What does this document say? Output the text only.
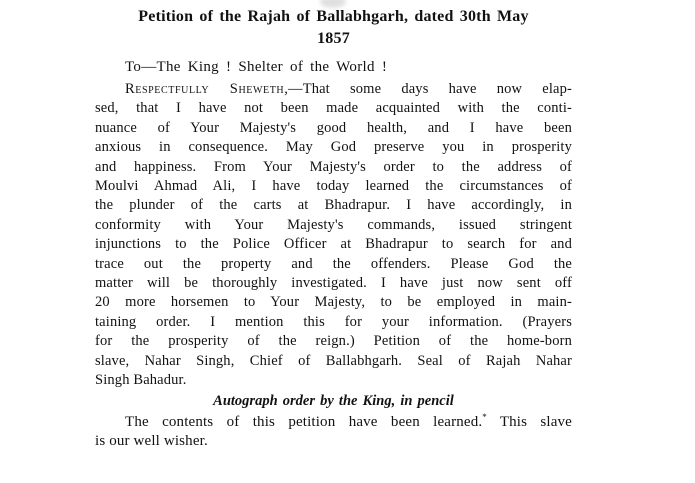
Petition of the Rajah of Ballabhgarh, dated 30th May
1857
To—The King ! Shelter of the World !
Respectfully Sheweth,—That some days have now elap-
sed, that I have not been made acquainted with the conti-
nuance of Your Majesty's good health, and I have been
anxious in consequence. May God preserve you in prosperity
and happiness. From Your Majesty's order to the address of
Moulvi Ahmad Ali, I have today learned the circumstances of
the plunder of the carts at Bhadrapur. I have accordingly, in
conformity with Your Majesty's commands, issued stringent
injunctions to the Police Officer at Bhadrapur to search for and
trace out the property and the offenders. Please God the
matter will be thoroughly investigated. I have just now sent off
20 more horsemen to Your Majesty, to be employed in main-
taining order. I mention this for your information. (Prayers
for the prosperity of the reign.) Petition of the home-born
slave, Nahar Singh, Chief of Ballabhgarh. Seal of Rajah Nahar
Singh Bahadur.
Autograph order by the King, in pencil
The contents of this petition have been learned.* This slave
is our well wisher.
